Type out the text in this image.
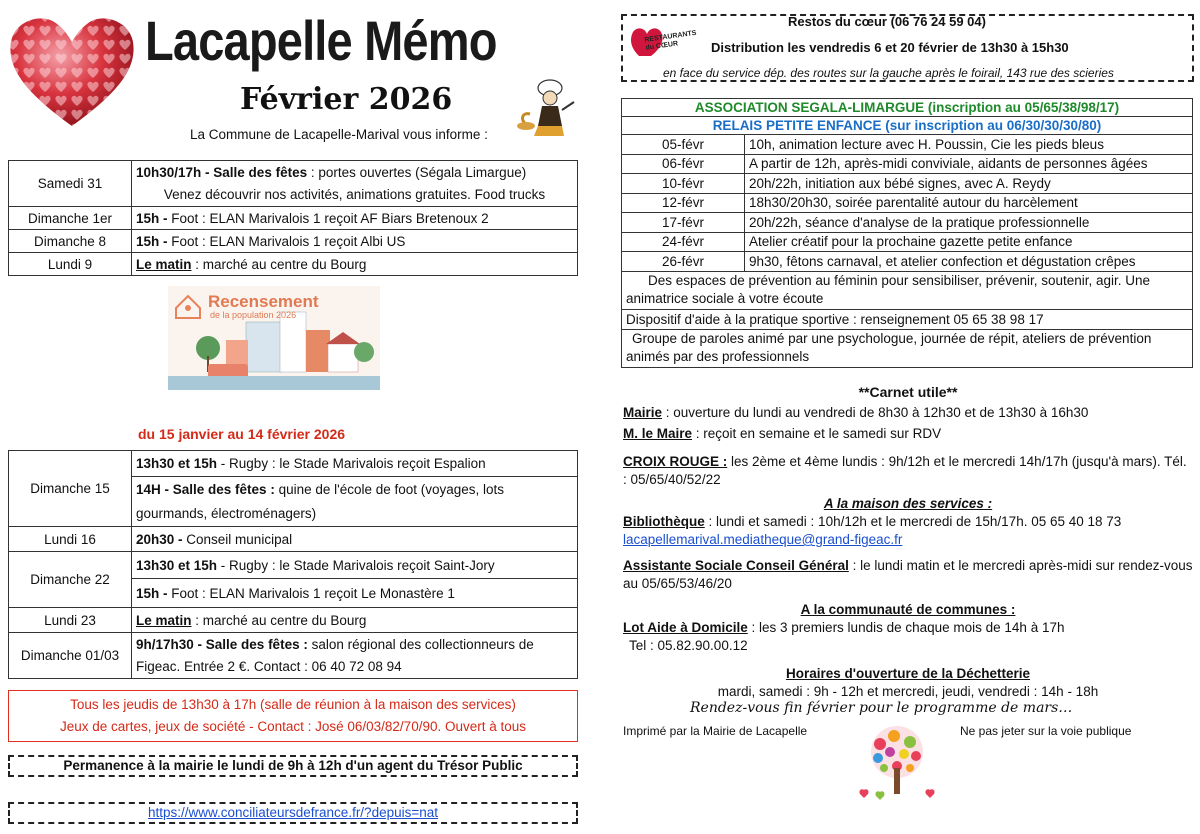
Lacapelle Mémo
Février 2026
La Commune de Lacapelle-Marival vous informe :
Samedi 31	10h30/17h - Salle des fêtes : portes ouvertes (Ségala Limargue)
	Venez découvrir nos activités, animations gratuites. Food trucks
Dimanche 1er	15h - Foot : ELAN Marivalois 1 reçoit AF Biars Bretenoux 2
Dimanche 8	15h - Foot : ELAN Marivalois 1 reçoit Albi US
Lundi 9	Le matin : marché au centre du Bourg
Recensement
de la population 2026
du 15 janvier au 14 février 2026
Dimanche 15	13h30 et 15h - Rugby : le Stade Marivalois reçoit Espalion
	14H - Salle des fêtes : quine de l'école de foot (voyages, lots gourmands, électroménagers)
Lundi 16	20h30 - Conseil municipal
Dimanche 22	13h30 et 15h - Rugby : le Stade Marivalois reçoit Saint-Jory
	15h - Foot : ELAN Marivalois 1 reçoit Le Monastère 1
Lundi 23	Le matin : marché au centre du Bourg
Dimanche 01/03	9h/17h30 - Salle des fêtes : salon régional des collectionneurs de Figeac. Entrée 2 €. Contact : 06 40 72 08 94
Tous les jeudis de 13h30 à 17h (salle de réunion à la maison des services)
Jeux de cartes, jeux de société - Contact : José 06/03/82/70/90. Ouvert à tous
Permanence à la mairie le lundi de 9h à 12h d'un agent du Trésor Public
https://www.conciliateursdefrance.fr/?depuis=nat
RESTAURANTS du CŒUR
Restos du cœur (06 76 24 59 04)
Distribution les vendredis 6 et 20 février de 13h30 à 15h30
en face du service dép. des routes sur la gauche après le foirail, 143 rue des scieries
ASSOCIATION SEGALA-LIMARGUE (inscription au 05/65/38/98/17)	
RELAIS PETITE ENFANCE (sur inscription au 06/30/30/30/80)	
05-févr	10h, animation lecture avec H. Poussin, Cie les pieds bleus
06-févr	A partir de 12h, après-midi conviviale, aidants de personnes âgées
10-févr	20h/22h, initiation aux bébé signes, avec A. Reydy
12-févr	18h30/20h30, soirée parentalité autour du harcèlement
17-févr	20h/22h, séance d'analyse de la pratique professionnelle
24-févr	Atelier créatif pour la prochaine gazette petite enfance
26-févr	9h30, fêtons carnaval, et atelier confection et dégustation crêpes
Des espaces de prévention au féminin pour sensibiliser, prévenir, soutenir, agir. Une animatrice sociale à votre écoute	
Dispositif d'aide à la pratique sportive : renseignement 05 65 38 98 17	
Groupe de paroles animé par une psychologue, journée de répit, ateliers de prévention animés par des professionnels	
**Carnet utile**
Mairie : ouverture du lundi au vendredi de 8h30 à 12h30 et de 13h30 à 16h30
M. le Maire : reçoit en semaine et le samedi sur RDV
CROIX ROUGE : les 2ème et 4ème lundis : 9h/12h et le mercredi 14h/17h (jusqu'à mars). Tél. : 05/65/40/52/22
A la maison des services :
Bibliothèque : lundi et samedi : 10h/12h et le mercredi de 15h/17h. 05 65 40 18 73
lacapellemarival.mediatheque@grand-figeac.fr
Assistante Sociale Conseil Général : le lundi matin et le mercredi après-midi sur rendez-vous au 05/65/53/46/20
A la communauté de communes :
Lot Aide à Domicile : les 3 premiers lundis de chaque mois de 14h à 17h
Tel : 05.82.90.00.12
Horaires d'ouverture de la Déchetterie
mardi, samedi : 9h - 12h et mercredi, jeudi, vendredi : 14h - 18h
Rendez-vous fin février pour le programme de mars…
Imprimé par la Mairie de Lacapelle	Ne pas jeter sur la voie publique
